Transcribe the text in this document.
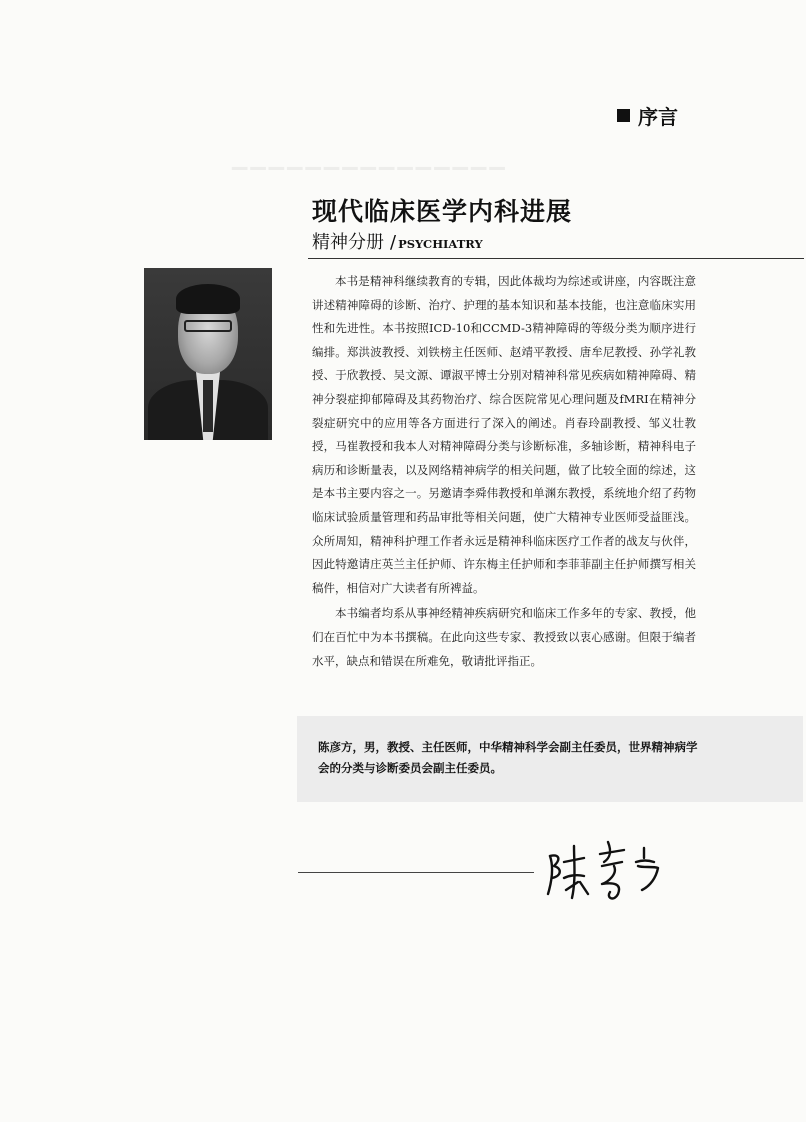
▁▁▁▁▁▁▁▁▁▁▁▁▁▁▁
序言
现代临床医学内科进展
精神分册 / PSYCHIATRY

本书是精神科继续教育的专辑，因此体裁均为综述或讲座，内容既注意讲述精神障碍的诊断、治疗、护理的基本知识和基本技能，也注意临床实用性和先进性。本书按照ICD-10和CCMD-3精神障碍的等级分类为顺序进行编排。郑洪波教授、刘铁榜主任医师、赵靖平教授、唐牟尼教授、孙学礼教授、于欣教授、吴文源、谭淑平博士分别对精神科常见疾病如精神障碍、精神分裂症抑郁障碍及其药物治疗、综合医院常见心理问题及fMRI在精神分裂症研究中的应用等各方面进行了深入的阐述。肖春玲副教授、邹义壮教授，马崔教授和我本人对精神障碍分类与诊断标准，多轴诊断，精神科电子病历和诊断量表，以及网络精神病学的相关问题，做了比较全面的综述，这是本书主要内容之一。另邀请李舜伟教授和单渊东教授，系统地介绍了药物临床试验质量管理和药品审批等相关问题，使广大精神专业医师受益匪浅。众所周知，精神科护理工作者永远是精神科临床医疗工作者的战友与伙伴，因此特邀请庄英兰主任护师、许东梅主任护师和李菲菲副主任护师撰写相关稿件，相信对广大读者有所裨益。

本书编者均系从事神经精神疾病研究和临床工作多年的专家、教授，他们在百忙中为本书撰稿。在此向这些专家、教授致以衷心感谢。但限于编者水平，缺点和错误在所难免，敬请批评指正。

陈彦方，男，教授、主任医师，中华精神科学会副主任委员，世界精神病学会的分类与诊断委员会副主任委员。
